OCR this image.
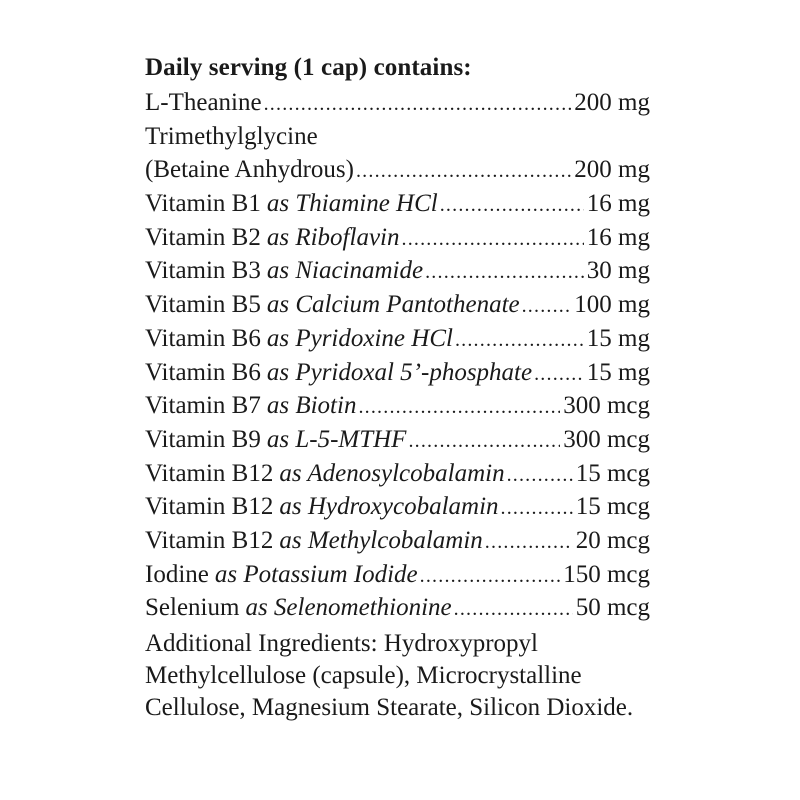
Daily serving (1 cap) contains:
L-Theanine .....	200 mg
Trimethylglycine
(Betaine Anhydrous) .....	200 mg
Vitamin B1 as Thiamine HCl .....	16 mg
Vitamin B2 as Riboflavin .....	16 mg
Vitamin B3 as Niacinamide .....	30 mg
Vitamin B5 as Calcium Pantothenate ..... 100 mg
Vitamin B6 as Pyridoxine HCl .....	15 mg
Vitamin B6 as Pyridoxal 5’-phosphate ..... 15 mg
Vitamin B7 as Biotin .....	300 mcg
Vitamin B9 as L-5-MTHF .....	300 mcg
Vitamin B12 as Adenosylcobalamin .....	15 mcg
Vitamin B12 as Hydroxycobalamin .....	15 mcg
Vitamin B12 as Methylcobalamin .....	20 mcg
Iodine as Potassium Iodide .....	150 mcg
Selenium as Selenomethionine .....	50 mcg
Additional Ingredients: Hydroxypropyl Methylcellulose (capsule), Microcrystalline Cellulose, Magnesium Stearate, Silicon Dioxide.
